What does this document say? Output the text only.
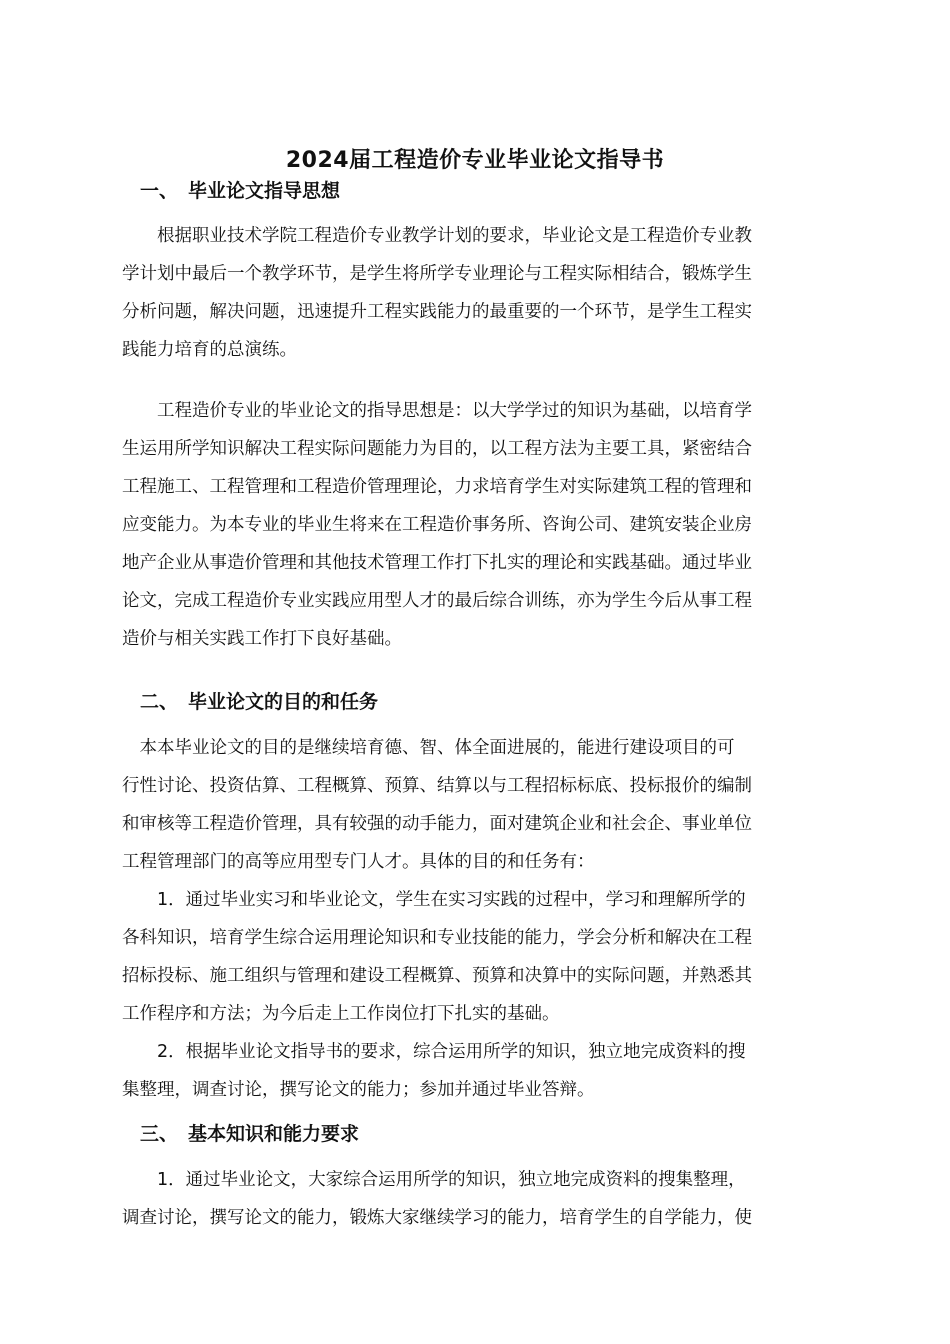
2024届工程造价专业毕业论文指导书
一、 毕业论文指导思想
　　根据职业技术学院工程造价专业教学计划的要求，毕业论文是工程造价专业教
学计划中最后一个教学环节，是学生将所学专业理论与工程实际相结合，锻炼学生
分析问题，解决问题，迅速提升工程实践能力的最重要的一个环节，是学生工程实
践能力培育的总演练。
　　工程造价专业的毕业论文的指导思想是：以大学学过的知识为基础，以培育学
生运用所学知识解决工程实际问题能力为目的，以工程方法为主要工具，紧密结合
工程施工、工程管理和工程造价管理理论，力求培育学生对实际建筑工程的管理和
应变能力。为本专业的毕业生将来在工程造价事务所、咨询公司、建筑安装企业房
地产企业从事造价管理和其他技术管理工作打下扎实的理论和实践基础。通过毕业
论文，完成工程造价专业实践应用型人才的最后综合训练，亦为学生今后从事工程
造价与相关实践工作打下良好基础。
二、 毕业论文的目的和任务
　本本毕业论文的目的是继续培育德、智、体全面进展的，能进行建设项目的可
行性讨论、投资估算、工程概算、预算、结算以与工程招标标底、投标报价的编制
和审核等工程造价管理，具有较强的动手能力，面对建筑企业和社会企、事业单位
工程管理部门的高等应用型专门人才。具体的目的和任务有：
　　1．通过毕业实习和毕业论文，学生在实习实践的过程中，学习和理解所学的
各科知识，培育学生综合运用理论知识和专业技能的能力，学会分析和解决在工程
招标投标、施工组织与管理和建设工程概算、预算和决算中的实际问题，并熟悉其
工作程序和方法；为今后走上工作岗位打下扎实的基础。
　　2．根据毕业论文指导书的要求，综合运用所学的知识，独立地完成资料的搜
集整理，调查讨论，撰写论文的能力；参加并通过毕业答辩。
三、 基本知识和能力要求
　　1．通过毕业论文，大家综合运用所学的知识，独立地完成资料的搜集整理，
调查讨论，撰写论文的能力，锻炼大家继续学习的能力，培育学生的自学能力，使
